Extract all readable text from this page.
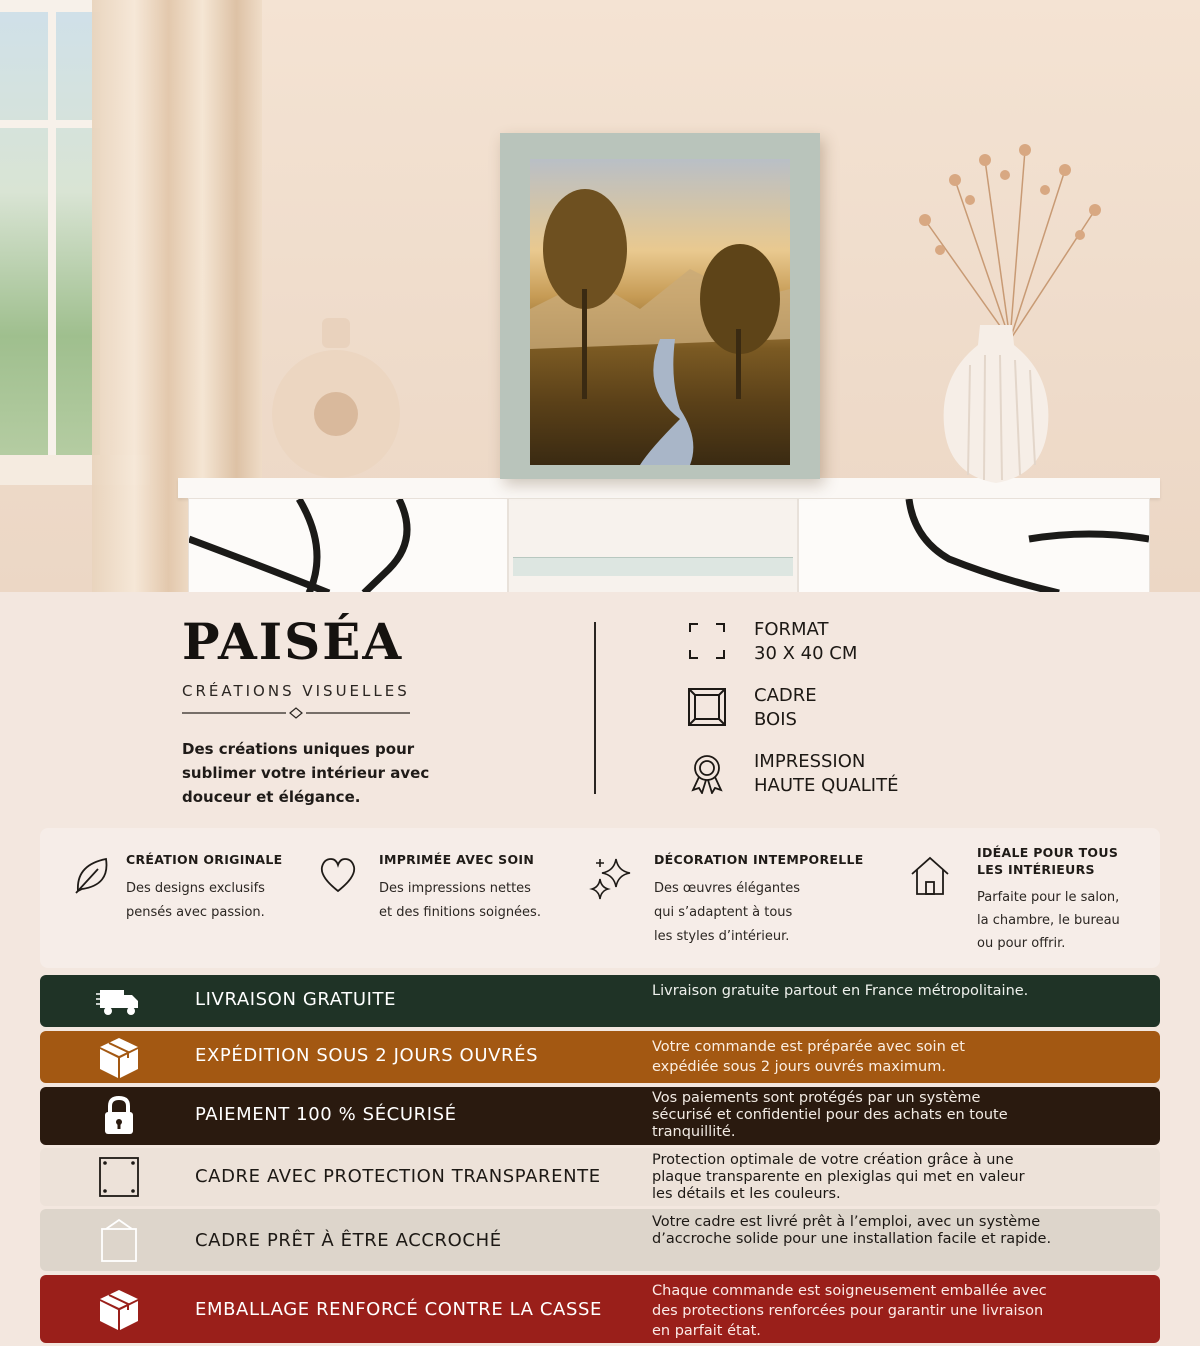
PAISÉA
CRÉATIONS VISUELLES
Des créations uniques pour sublimer votre intérieur avec douceur et élégance.
FORMAT
30 X 40 CM
CADRE
BOIS
IMPRESSION
HAUTE QUALITÉ
CRÉATION ORIGINALE
Des designs exclusifs
pensés avec passion.
IMPRIMÉE AVEC SOIN
Des impressions nettes
et des finitions soignées.
DÉCORATION INTEMPORELLE
Des œuvres élégantes
qui s’adaptent à tous
les styles d’intérieur.
IDÉALE POUR TOUS
LES INTÉRIEURS
Parfaite pour le salon,
la chambre, le bureau
ou pour offrir.
LIVRAISON GRATUITE	Livraison gratuite partout en France métropolitaine.
EXPÉDITION SOUS 2 JOURS OUVRÉS	Votre commande est préparée avec soin et expédiée sous 2 jours ouvrés maximum.
PAIEMENT 100 % SÉCURISÉ
Vos paiements sont protégés par un système sécurisé et confidentiel pour des achats en toute tranquillité.
CADRE AVEC PROTECTION TRANSPARENTE
Protection optimale de votre création grâce à une plaque transparente en plexiglas qui met en valeur les détails et les couleurs.
CADRE PRÊT À ÊTRE ACCROCHÉ
Votre cadre est livré prêt à l’emploi, avec un système d’accroche solide pour une installation facile et rapide.
EMBALLAGE RENFORCÉ CONTRE LA CASSE
Chaque commande est soigneusement emballée avec des protections renforcées pour garantir une livraison en parfait état.
